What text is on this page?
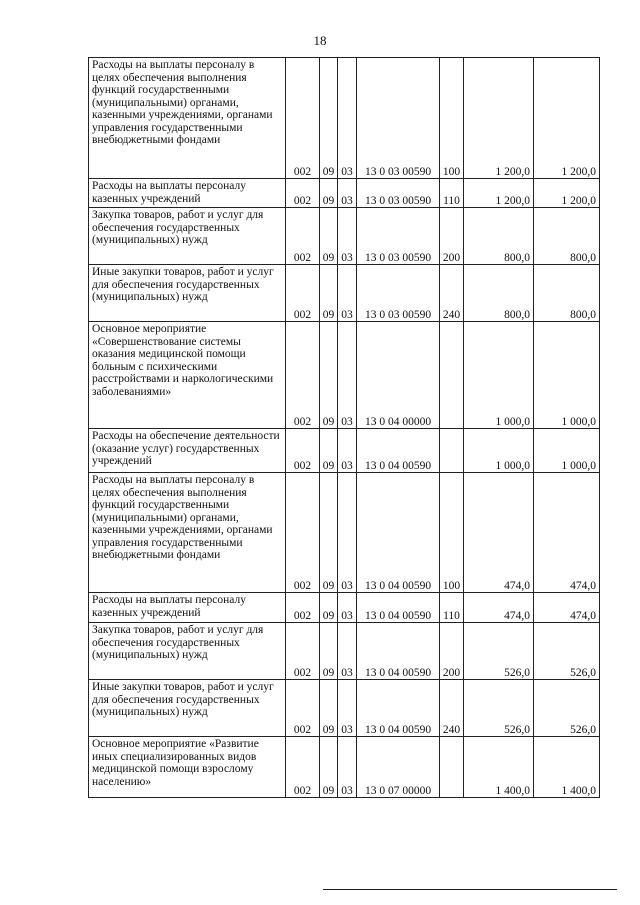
18
Расходы на выплаты персоналу в целях обеспечения выполнения функций государственными (муниципальными) органами, казенными учреждениями, органами управления государственными внебюджетными фондами	002	09	03	13 0 03 00590	100	1 200,0	1 200,0

Расходы на выплаты персоналу казенных учреждений	002	09	03	13 0 03 00590	110	1 200,0	1 200,0

Закупка товаров, работ и услуг для обеспечения государственных (муниципальных) нужд	002	09	03	13 0 03 00590	200	800,0	800,0

Иные закупки товаров, работ и услуг для обеспечения государственных (муниципальных) нужд	002	09	03	13 0 03 00590	240	800,0	800,0

Основное мероприятие «Совершенствование системы оказания медицинской помощи больным с психическими расстройствами и наркологическими заболеваниями»	002	09	03	13 0 04 00000		1 000,0	1 000,0

Расходы на обеспечение деятельности (оказание услуг) государственных учреждений	002	09	03	13 0 04 00590		1 000,0	1 000,0

Расходы на выплаты персоналу в целях обеспечения выполнения функций государственными (муниципальными) органами, казенными учреждениями, органами управления государственными внебюджетными фондами	002	09	03	13 0 04 00590	100	474,0	474,0

Расходы на выплаты персоналу казенных учреждений	002	09	03	13 0 04 00590	110	474,0	474,0

Закупка товаров, работ и услуг для обеспечения государственных (муниципальных) нужд	002	09	03	13 0 04 00590	200	526,0	526,0

Иные закупки товаров, работ и услуг для обеспечения государственных (муниципальных) нужд	002	09	03	13 0 04 00590	240	526,0	526,0

Основное мероприятие «Развитие иных специализированных видов медицинской помощи взрослому населению»	002	09	03	13 0 07 00000		1 400,0	1 400,0
